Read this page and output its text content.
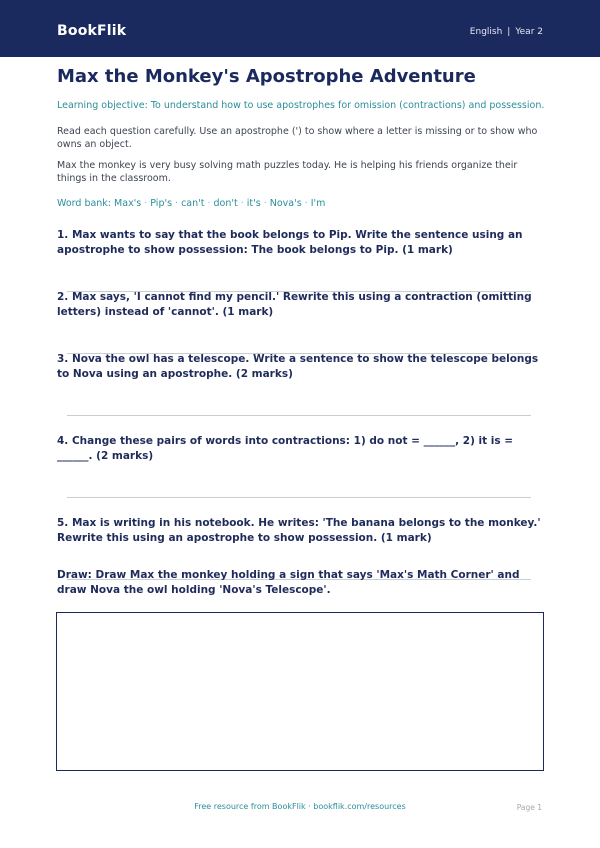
BookFlik	English | Year 2
Max the Monkey's Apostrophe Adventure
Learning objective: To understand how to use apostrophes for omission (contractions) and possession.
Read each question carefully. Use an apostrophe (') to show where a letter is missing or to show who owns an object.
Max the monkey is very busy solving math puzzles today. He is helping his friends organize their things in the classroom.
Word bank: Max's · Pip's · can't · don't · it's · Nova's · I'm
1. Max wants to say that the book belongs to Pip. Write the sentence using an apostrophe to show possession: The book belongs to Pip. (1 mark)
2. Max says, 'I cannot find my pencil.' Rewrite this using a contraction (omitting letters) instead of 'cannot'. (1 mark)
3. Nova the owl has a telescope. Write a sentence to show the telescope belongs to Nova using an apostrophe. (2 marks)
4. Change these pairs of words into contractions: 1) do not = ______, 2) it is = ______. (2 marks)
5. Max is writing in his notebook. He writes: 'The banana belongs to the monkey.' Rewrite this using an apostrophe to show possession. (1 mark)
Draw: Draw Max the monkey holding a sign that says 'Max's Math Corner' and draw Nova the owl holding 'Nova's Telescope'.
Free resource from BookFlik · bookflik.com/resources	Page 1
